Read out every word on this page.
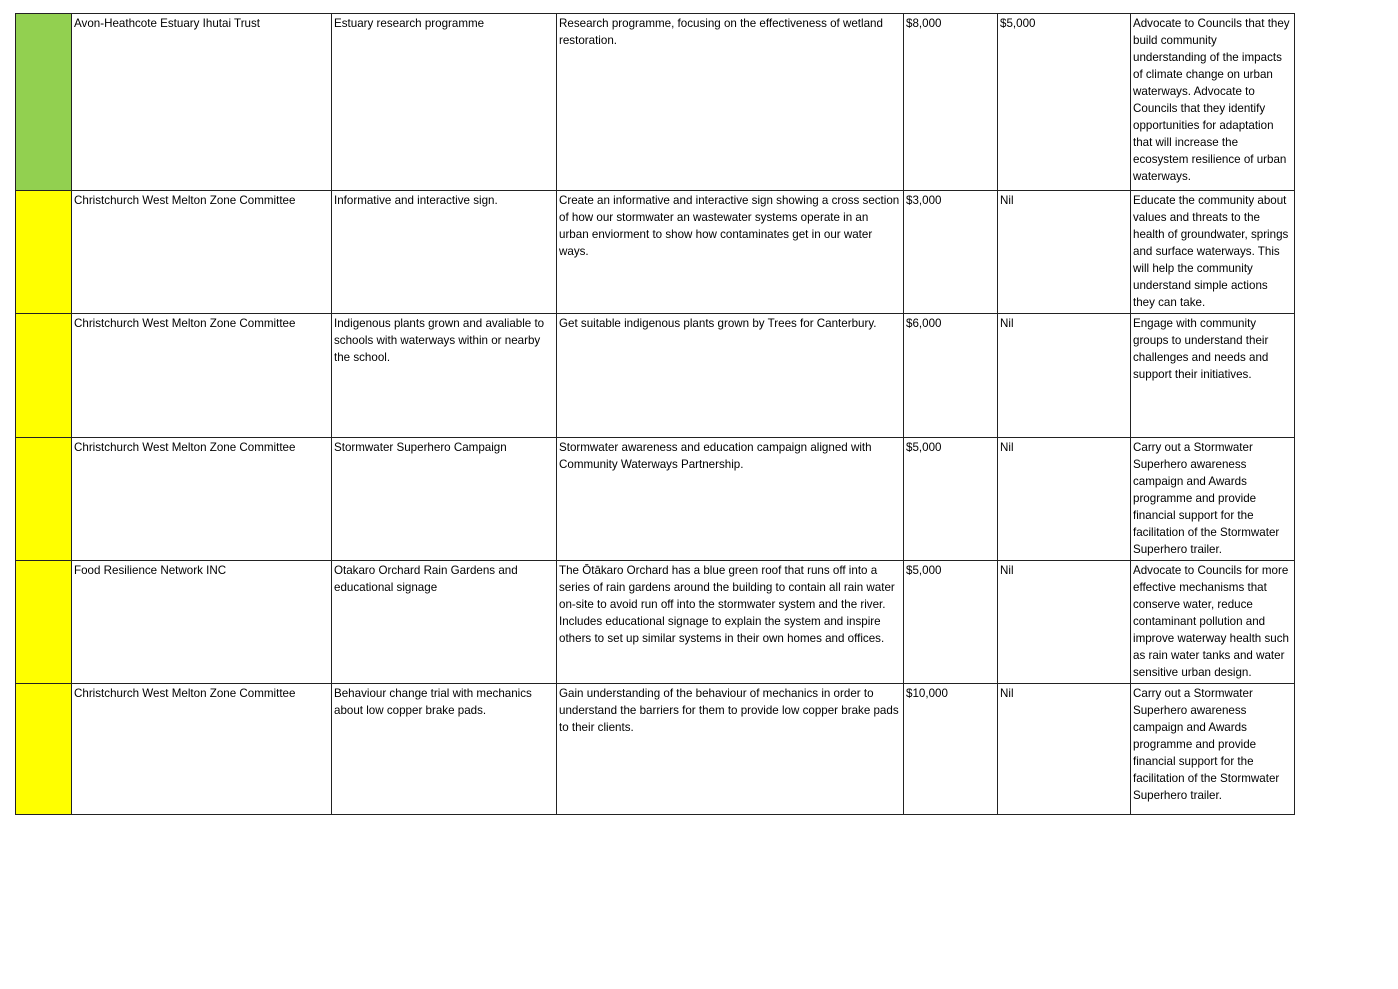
	Avon-Heathcote Estuary Ihutai Trust	Estuary research programme	Research programme, focusing on the effectiveness of wetland restoration.	$8,000	$5,000	Advocate to Councils that they build community understanding of the impacts of climate change on urban waterways. Advocate to Councils that they identify opportunities for adaptation that will increase the ecosystem resilience of urban waterways.
	Christchurch West Melton Zone Committee	Informative and interactive sign.	Create an informative and interactive sign showing a cross section of how our stormwater an wastewater systems operate in an urban enviorment to show how contaminates get in our water ways.	$3,000	Nil	Educate the community about values and threats to the health of groundwater, springs and surface waterways. This will help the community understand simple actions they can take.
	Christchurch West Melton Zone Committee	Indigenous plants grown and avaliable to schools with waterways within or nearby the school.	Get suitable indigenous plants grown by Trees for Canterbury.	$6,000	Nil	Engage with community groups to understand their challenges and needs and support their initiatives.
	Christchurch West Melton Zone Committee	Stormwater Superhero Campaign	Stormwater awareness and education campaign aligned with Community Waterways Partnership.	$5,000	Nil	Carry out a Stormwater Superhero awareness campaign and Awards programme and provide financial support for the facilitation of the Stormwater Superhero trailer.
	Food Resilience Network INC	Otakaro Orchard Rain Gardens and educational signage	The Ōtākaro Orchard has a blue green roof that runs off into a series of rain gardens around the building to contain all rain water on-site to avoid run off into the stormwater system and the river. Includes educational signage to explain the system and inspire others to set up similar systems in their own homes and offices.	$5,000	Nil	Advocate to Councils for more effective mechanisms that conserve water, reduce contaminant pollution and improve waterway health such as rain water tanks and water sensitive urban design.
	Christchurch West Melton Zone Committee	Behaviour change trial with mechanics about low copper brake pads.	Gain understanding of the behaviour of mechanics in order to understand the barriers for them to provide low copper brake pads to their clients.	$10,000	Nil	Carry out a Stormwater Superhero awareness campaign and Awards programme and provide financial support for the facilitation of the Stormwater Superhero trailer.
